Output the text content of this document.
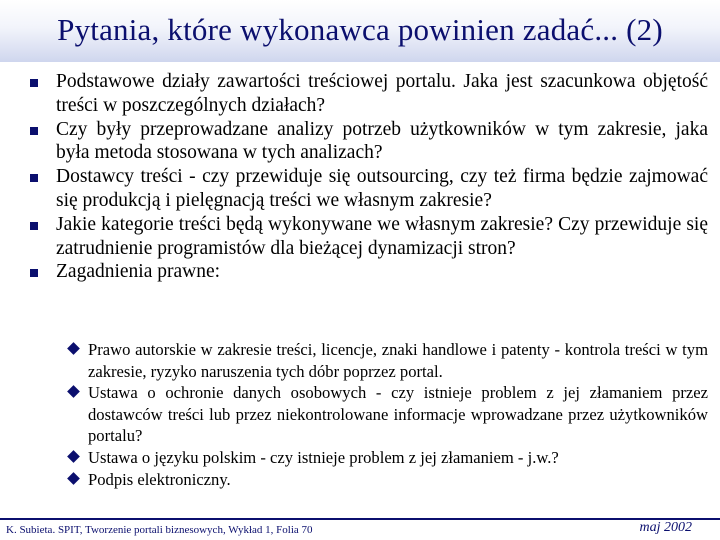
Pytania, które wykonawca powinien zadać... (2)
Podstawowe działy zawartości treściowej portalu. Jaka jest szacunkowa objętość treści w poszczególnych działach?
Czy były przeprowadzane analizy potrzeb użytkowników w tym zakresie, jaka była metoda stosowana w tych analizach?
Dostawcy treści - czy przewiduje się outsourcing, czy też firma będzie zajmować się produkcją i pielęgnacją treści we własnym zakresie?
Jakie kategorie treści będą wykonywane we własnym zakresie? Czy przewiduje się zatrudnienie programistów dla bieżącej dynamizacji stron?
Zagadnienia prawne:
Prawo autorskie w zakresie treści, licencje, znaki handlowe i patenty - kontrola treści w tym zakresie, ryzyko naruszenia tych dóbr poprzez portal.
Ustawa o ochronie danych osobowych - czy istnieje problem z jej złamaniem przez dostawców treści lub przez niekontrolowane informacje wprowadzane przez użytkowników portalu?
Ustawa o języku polskim - czy istnieje problem z jej złamaniem - j.w.?
Podpis elektroniczny.
K. Subieta. SPIT, Tworzenie portali biznesowych, Wykład 1, Folia 70	maj 2002
